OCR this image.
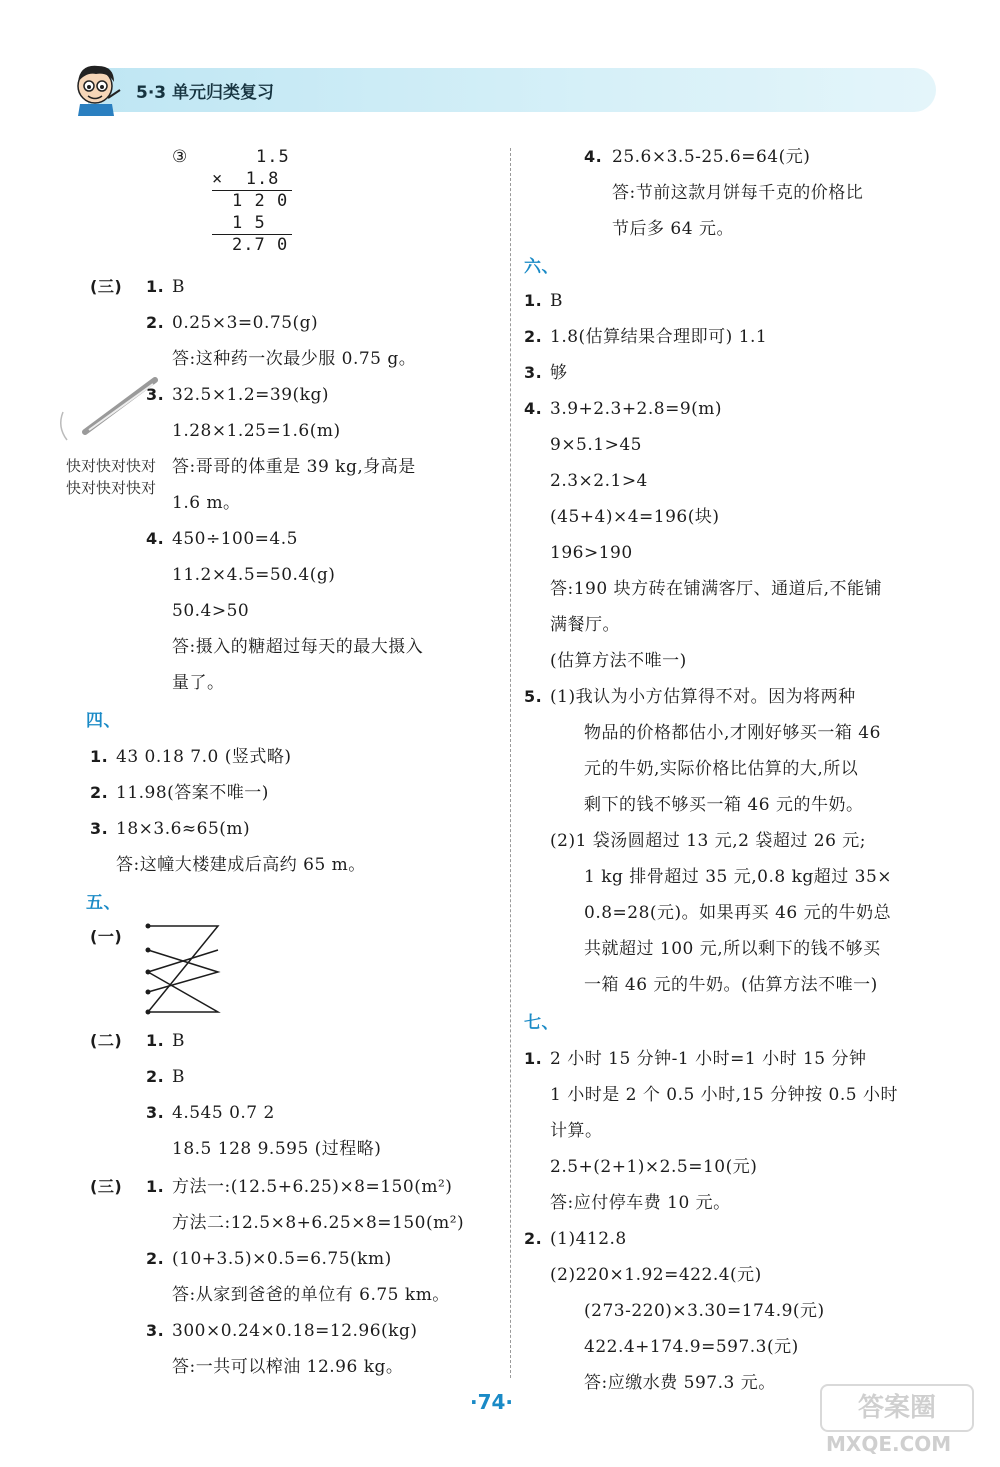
5·3 单元归类复习
③	1.5
×  1.8
1 2 0
1 5
2.7 0
(三) 1. B
2. 0.25×3=0.75(g)
答:这种药一次最少服 0.75 g。
3. 32.5×1.2=39(kg)
1.28×1.25=1.6(m)
快对快对快对
快对快对快对
答:哥哥的体重是 39 kg,身高是
1.6 m。
4. 450÷100=4.5
11.2×4.5=50.4(g)
50.4>50
答:摄入的糖超过每天的最大摄入
量了。
四、
1. 43 0.18 7.0 (竖式略)
2. 11.98(答案不唯一)
3. 18×3.6≈65(m)
答:这幢大楼建成后高约 65 m。
五、
(一)
(二) 1. B
2. B
3. 4.545 0.7 2
18.5 128 9.595 (过程略)
(三) 1. 方法一:(12.5+6.25)×8=150(m²)
方法二:12.5×8+6.25×8=150(m²)
2. (10+3.5)×0.5=6.75(km)
答:从家到爸爸的单位有 6.75 km。
3. 300×0.24×0.18=12.96(kg)
答:一共可以榨油 12.96 kg。
4. 25.6×3.5-25.6=64(元)
答:节前这款月饼每千克的价格比
节后多 64 元。
六、
1. B
2. 1.8(估算结果合理即可) 1.1
3. 够
4. 3.9+2.3+2.8=9(m)
9×5.1>45
2.3×2.1>4
(45+4)×4=196(块)
196>190
答:190 块方砖在铺满客厅、通道后,不能铺
满餐厅。
(估算方法不唯一)
5. (1)我认为小方估算得不对。因为将两种
物品的价格都估小,才刚好够买一箱 46
元的牛奶,实际价格比估算的大,所以
剩下的钱不够买一箱 46 元的牛奶。
(2)1 袋汤圆超过 13 元,2 袋超过 26 元;
1 kg 排骨超过 35 元,0.8 kg超过 35×
0.8=28(元)。如果再买 46 元的牛奶总
共就超过 100 元,所以剩下的钱不够买
一箱 46 元的牛奶。(估算方法不唯一)
七、
1. 2 小时 15 分钟-1 小时=1 小时 15 分钟
1 小时是 2 个 0.5 小时,15 分钟按 0.5 小时
计算。
2.5+(2+1)×2.5=10(元)
答:应付停车费 10 元。
2. (1)412.8
(2)220×1.92=422.4(元)
(273-220)×3.30=174.9(元)
422.4+174.9=597.3(元)
答:应缴水费 597.3 元。
·74·	答案圈
MXQE.COM
